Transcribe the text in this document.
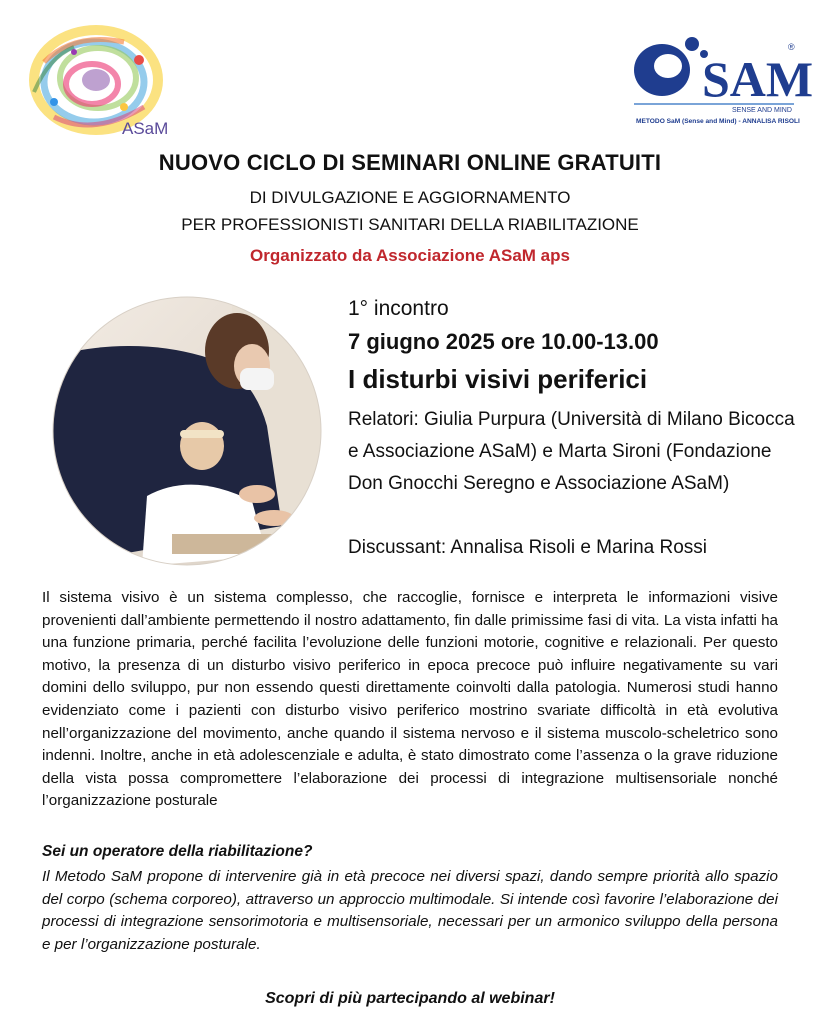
ASaM
SAM
®
SENSE AND MIND
METODO SaM (Sense and Mind) - ANNALISA RISOLI
NUOVO CICLO DI SEMINARI ONLINE GRATUITI
DI DIVULGAZIONE E AGGIORNAMENTO
PER PROFESSIONISTI SANITARI DELLA RIABILITAZIONE
Organizzato da Associazione ASaM aps
1° incontro
7 giugno 2025 ore 10.00-13.00
I disturbi visivi periferici
Relatori: Giulia Purpura (Università di Milano Bicocca e Associazione ASaM) e Marta Sironi (Fondazione Don Gnocchi Seregno e Associazione ASaM)
Discussant: Annalisa Risoli e Marina Rossi
Il sistema visivo è un sistema complesso, che raccoglie, fornisce e interpreta le informazioni visive provenienti dall’ambiente permettendo il nostro adattamento, fin dalle primissime fasi di vita. La vista infatti ha una funzione primaria, perché facilita l’evoluzione delle funzioni motorie, cognitive e relazionali. Per questo motivo, la presenza di un disturbo visivo periferico in epoca precoce può influire negativamente su vari domini dello sviluppo, pur non essendo questi direttamente coinvolti dalla patologia. Numerosi studi hanno evidenziato come i pazienti con disturbo visivo periferico mostrino svariate difficoltà in età evolutiva nell’organizzazione del movimento, anche quando il sistema nervoso e il sistema muscolo-scheletrico sono indenni. Inoltre, anche in età adolescenziale e adulta, è stato dimostrato come l’assenza o la grave riduzione della vista possa compromettere l’elaborazione dei processi di integrazione multisensoriale nonché l’organizzazione posturale
Sei un operatore della riabilitazione?
Il Metodo SaM propone di intervenire già in età precoce nei diversi spazi, dando sempre priorità allo spazio del corpo (schema corporeo), attraverso un approccio multimodale. Si intende così favorire l’elaborazione dei processi di integrazione sensorimotoria e multisensoriale, necessari per un armonico sviluppo della persona e per l’organizzazione posturale.
Scopri di più partecipando al webinar!
